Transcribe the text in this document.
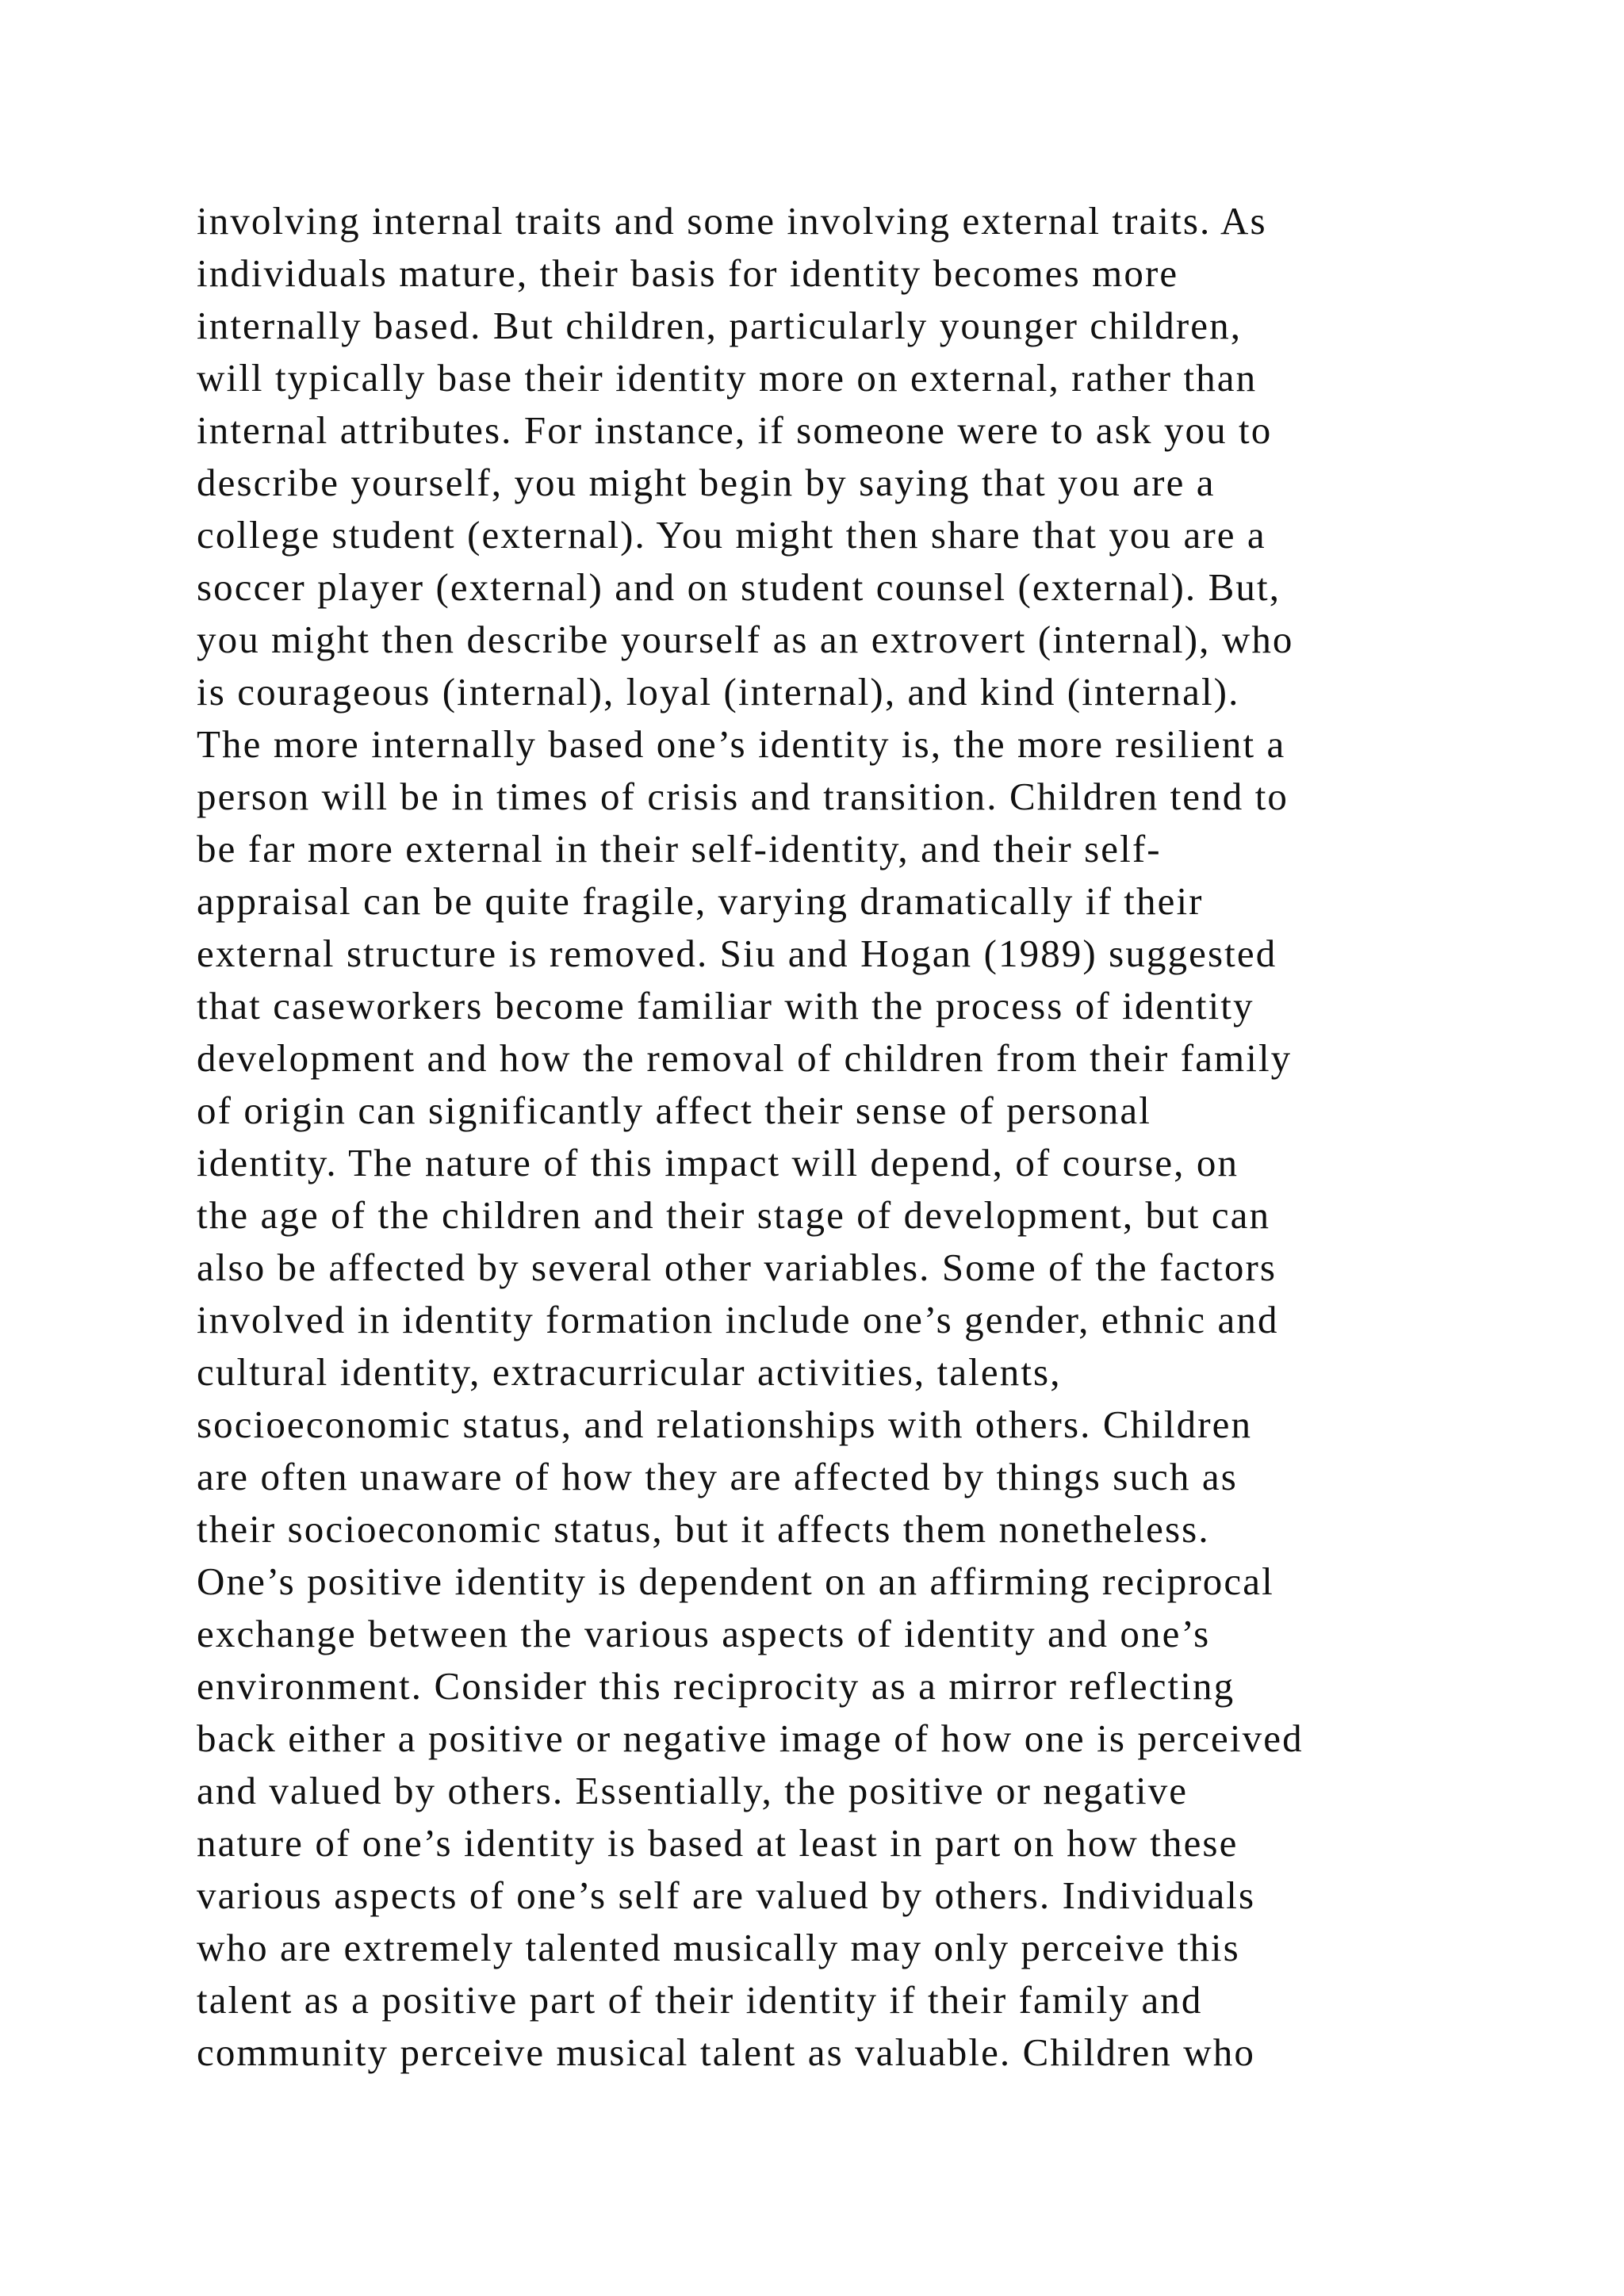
involving internal traits and some involving external traits. As
individuals mature, their basis for identity becomes more
internally based. But children, particularly younger children,
will typically base their identity more on external, rather than
internal attributes. For instance, if someone were to ask you to
describe yourself, you might begin by saying that you are a
college student (external). You might then share that you are a
soccer player (external) and on student counsel (external). But,
you might then describe yourself as an extrovert (internal), who
is courageous (internal), loyal (internal), and kind (internal).
The more internally based one’s identity is, the more resilient a
person will be in times of crisis and transition. Children tend to
be far more external in their self-identity, and their self-
appraisal can be quite fragile, varying dramatically if their
external structure is removed. Siu and Hogan (1989) suggested
that caseworkers become familiar with the process of identity
development and how the removal of children from their family
of origin can significantly affect their sense of personal
identity. The nature of this impact will depend, of course, on
the age of the children and their stage of development, but can
also be affected by several other variables. Some of the factors
involved in identity formation include one’s gender, ethnic and
cultural identity, extracurricular activities, talents,
socioeconomic status, and relationships with others. Children
are often unaware of how they are affected by things such as
their socioeconomic status, but it affects them nonetheless.
One’s positive identity is dependent on an affirming reciprocal
exchange between the various aspects of identity and one’s
environment. Consider this reciprocity as a mirror reflecting
back either a positive or negative image of how one is perceived
and valued by others. Essentially, the positive or negative
nature of one’s identity is based at least in part on how these
various aspects of one’s self are valued by others. Individuals
who are extremely talented musically may only perceive this
talent as a positive part of their identity if their family and
community perceive musical talent as valuable. Children who
